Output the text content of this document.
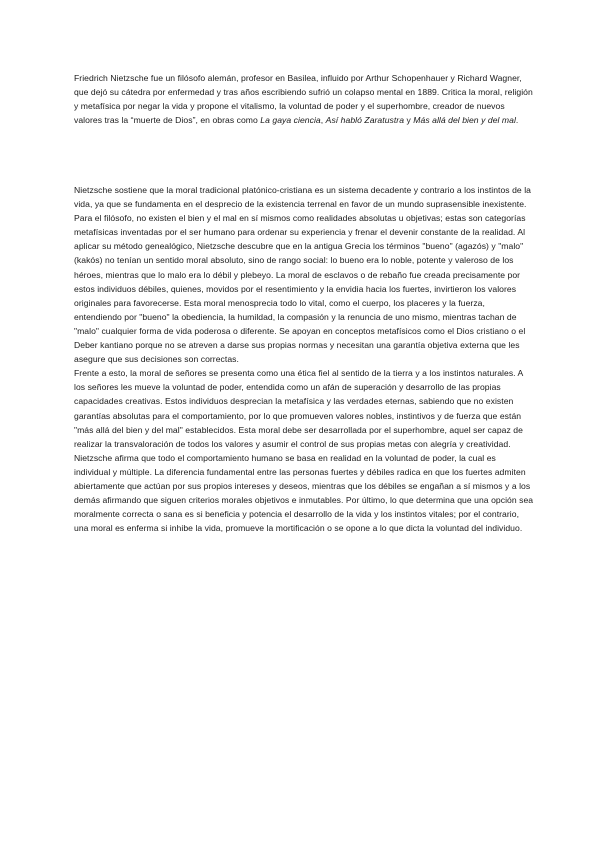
Friedrich Nietzsche fue un filósofo alemán, profesor en Basilea, influido por Arthur Schopenhauer y Richard Wagner, que dejó su cátedra por enfermedad y tras años escribiendo sufrió un colapso mental en 1889. Critica la moral, religión y metafísica por negar la vida y propone el vitalismo, la voluntad de poder y el superhombre, creador de nuevos valores tras la “muerte de Dios”, en obras como La gaya ciencia, Así habló Zaratustra y Más allá del bien y del mal.

Nietzsche sostiene que la moral tradicional platónico-cristiana es un sistema decadente y contrario a los instintos de la vida, ya que se fundamenta en el desprecio de la existencia terrenal en favor de un mundo suprasensible inexistente. Para el filósofo, no existen el bien y el mal en sí mismos como realidades absolutas u objetivas; estas son categorías metafísicas inventadas por el ser humano para ordenar su experiencia y frenar el devenir constante de la realidad. Al aplicar su método genealógico, Nietzsche descubre que en la antigua Grecia los términos "bueno" (agazós) y "malo" (kakós) no tenían un sentido moral absoluto, sino de rango social: lo bueno era lo noble, potente y valeroso de los héroes, mientras que lo malo era lo débil y plebeyo. La moral de esclavos o de rebaño fue creada precisamente por estos individuos débiles, quienes, movidos por el resentimiento y la envidia hacia los fuertes, invirtieron los valores originales para favorecerse. Esta moral menosprecia todo lo vital, como el cuerpo, los placeres y la fuerza, entendiendo por "bueno" la obediencia, la humildad, la compasión y la renuncia de uno mismo, mientras tachan de "malo" cualquier forma de vida poderosa o diferente. Se apoyan en conceptos metafísicos como el Dios cristiano o el Deber kantiano porque no se atreven a darse sus propias normas y necesitan una garantía objetiva externa que les asegure que sus decisiones son correctas.

Frente a esto, la moral de señores se presenta como una ética fiel al sentido de la tierra y a los instintos naturales. A los señores les mueve la voluntad de poder, entendida como un afán de superación y desarrollo de las propias capacidades creativas. Estos individuos desprecian la metafísica y las verdades eternas, sabiendo que no existen garantías absolutas para el comportamiento, por lo que promueven valores nobles, instintivos y de fuerza que están "más allá del bien y del mal" establecidos. Esta moral debe ser desarrollada por el superhombre, aquel ser capaz de realizar la transvaloración de todos los valores y asumir el control de sus propias metas con alegría y creatividad. Nietzsche afirma que todo el comportamiento humano se basa en realidad en la voluntad de poder, la cual es individual y múltiple. La diferencia fundamental entre las personas fuertes y débiles radica en que los fuertes admiten abiertamente que actúan por sus propios intereses y deseos, mientras que los débiles se engañan a sí mismos y a los demás afirmando que siguen criterios morales objetivos e inmutables. Por último, lo que determina que una opción sea moralmente correcta o sana es si beneficia y potencia el desarrollo de la vida y los instintos vitales; por el contrario, una moral es enferma si inhibe la vida, promueve la mortificación o se opone a lo que dicta la voluntad del individuo.
